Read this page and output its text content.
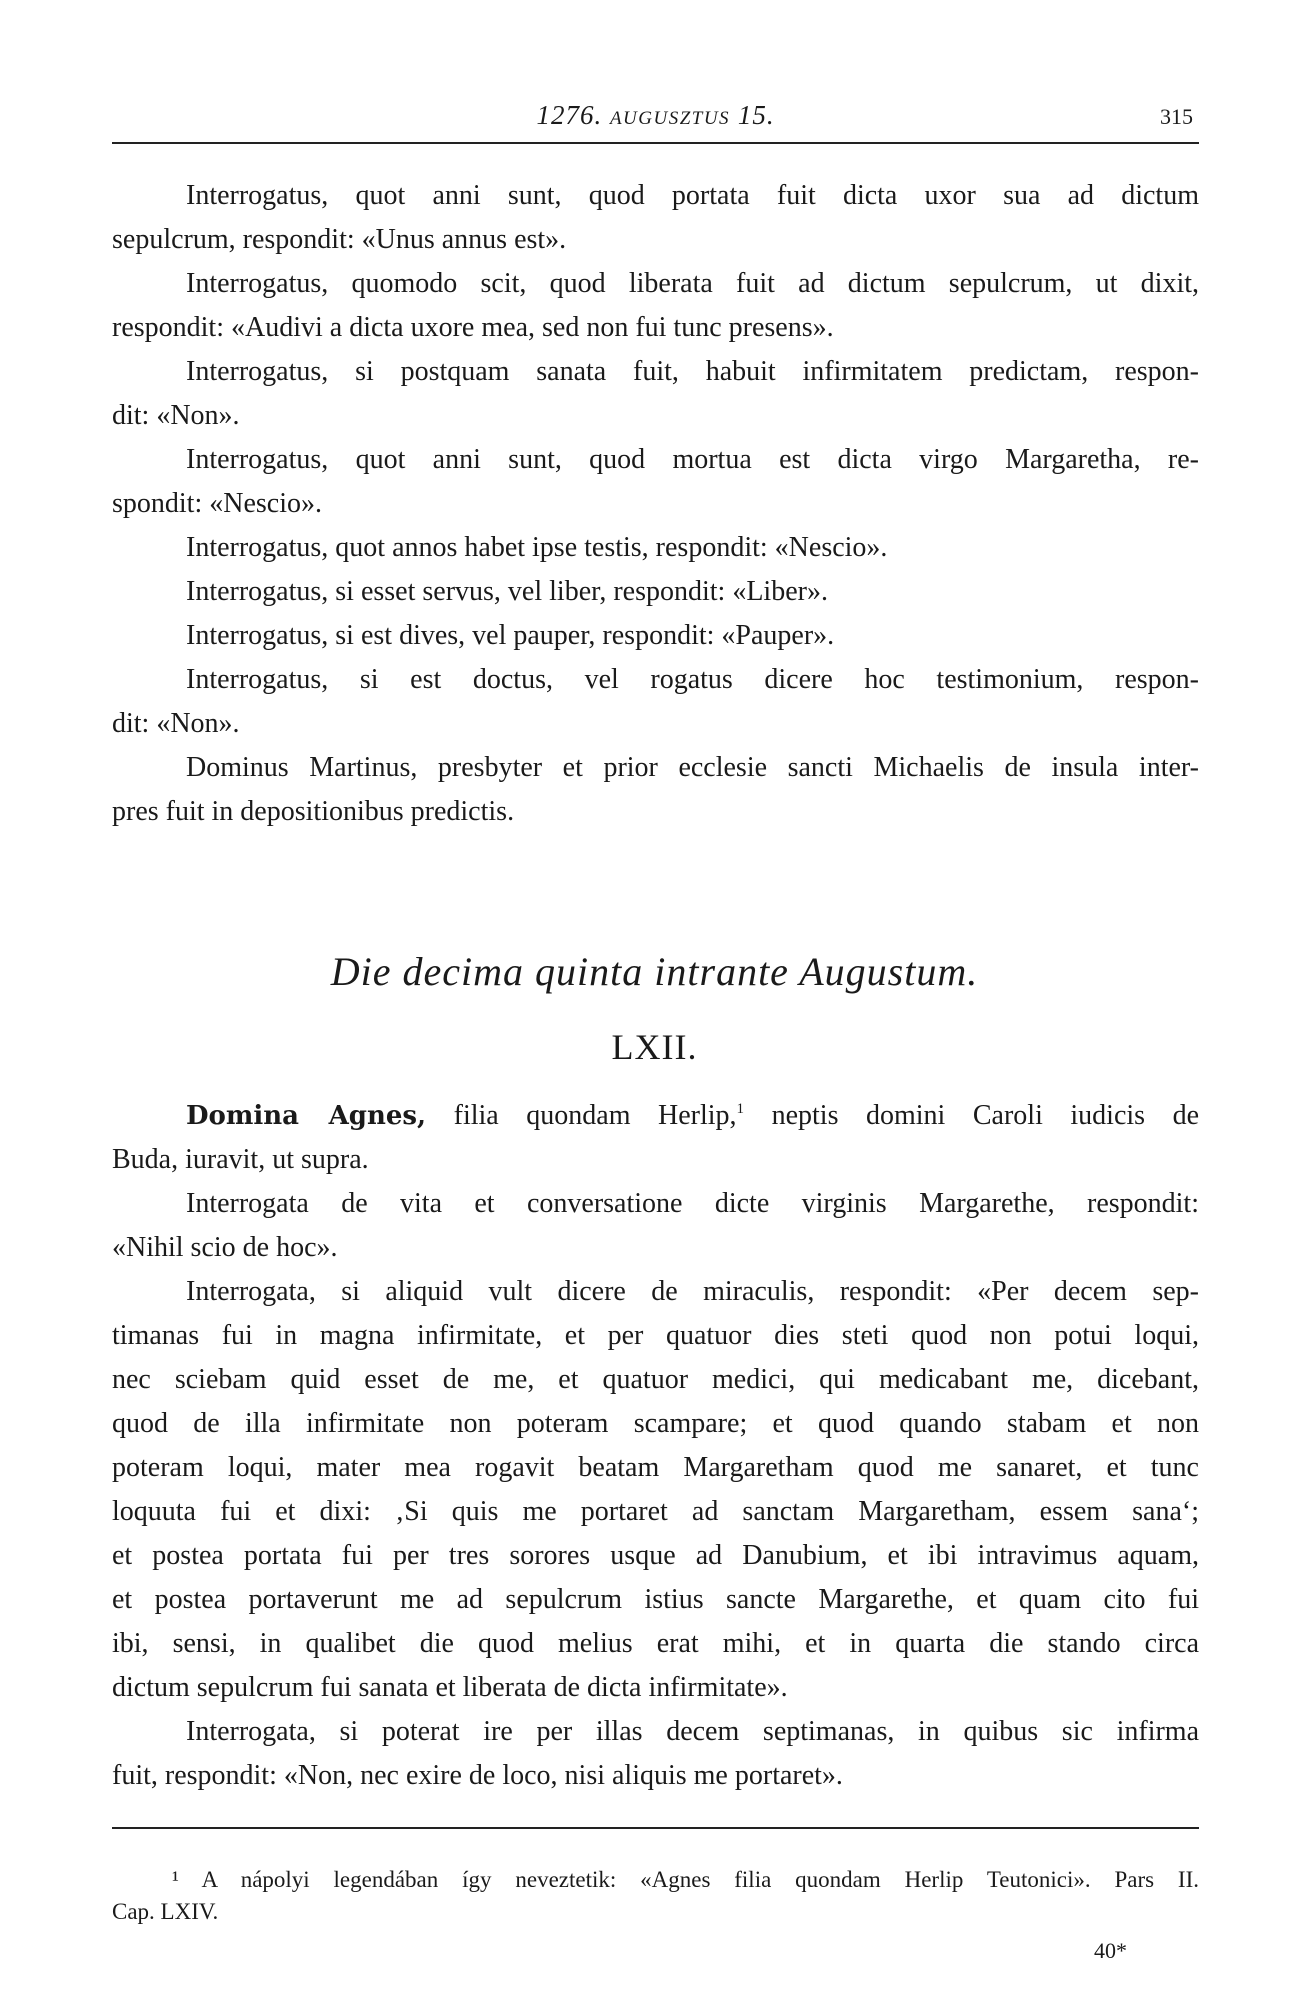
1276. AUGUSZTUS 15.	315
Interrogatus, quot anni sunt, quod portata fuit dicta uxor sua ad dictum
sepulcrum, respondit: «Unus annus est».
Interrogatus, quomodo scit, quod liberata fuit ad dictum sepulcrum, ut dixit,
respondit: «Audivi a dicta uxore mea, sed non fui tunc presens».
Interrogatus, si postquam sanata fuit, habuit infirmitatem predictam, respon-
dit: «Non».
Interrogatus, quot anni sunt, quod mortua est dicta virgo Margaretha, re-
spondit: «Nescio».
Interrogatus, quot annos habet ipse testis, respondit: «Nescio».
Interrogatus, si esset servus, vel liber, respondit: «Liber».
Interrogatus, si est dives, vel pauper, respondit: «Pauper».
Interrogatus, si est doctus, vel rogatus dicere hoc testimonium, respon-
dit: «Non».
Dominus Martinus, presbyter et prior ecclesie sancti Michaelis de insula inter-
pres fuit in depositionibus predictis.
Die decima quinta intrante Augustum.
LXII.
Domina Agnes, filia quondam Herlip,$^1$ neptis domini Caroli iudicis de
Buda, iuravit, ut supra.
Interrogata de vita et conversatione dicte virginis Margarethe, respondit:
«Nihil scio de hoc».
Interrogata, si aliquid vult dicere de miraculis, respondit: «Per decem sep-
timanas fui in magna infirmitate, et per quatuor dies steti quod non potui loqui,
nec sciebam quid esset de me, et quatuor medici, qui medicabant me, dicebant,
quod de illa infirmitate non poteram scampare; et quod quando stabam et non
poteram loqui, mater mea rogavit beatam Margaretham quod me sanaret, et tunc
loquuta fui et dixi: ‚Si quis me portaret ad sanctam Margaretham, essem sana‘;
et postea portata fui per tres sorores usque ad Danubium, et ibi intravimus aquam,
et postea portaverunt me ad sepulcrum istius sancte Margarethe, et quam cito fui
ibi, sensi, in qualibet die quod melius erat mihi, et in quarta die stando circa
dictum sepulcrum fui sanata et liberata de dicta infirmitate».
Interrogata, si poterat ire per illas decem septimanas, in quibus sic infirma
fuit, respondit: «Non, nec exire de loco, nisi aliquis me portaret».
¹ A nápolyi legendában így neveztetik: «Agnes filia quondam Herlip Teutonici». Pars II.
Cap. LXIV.
40*
